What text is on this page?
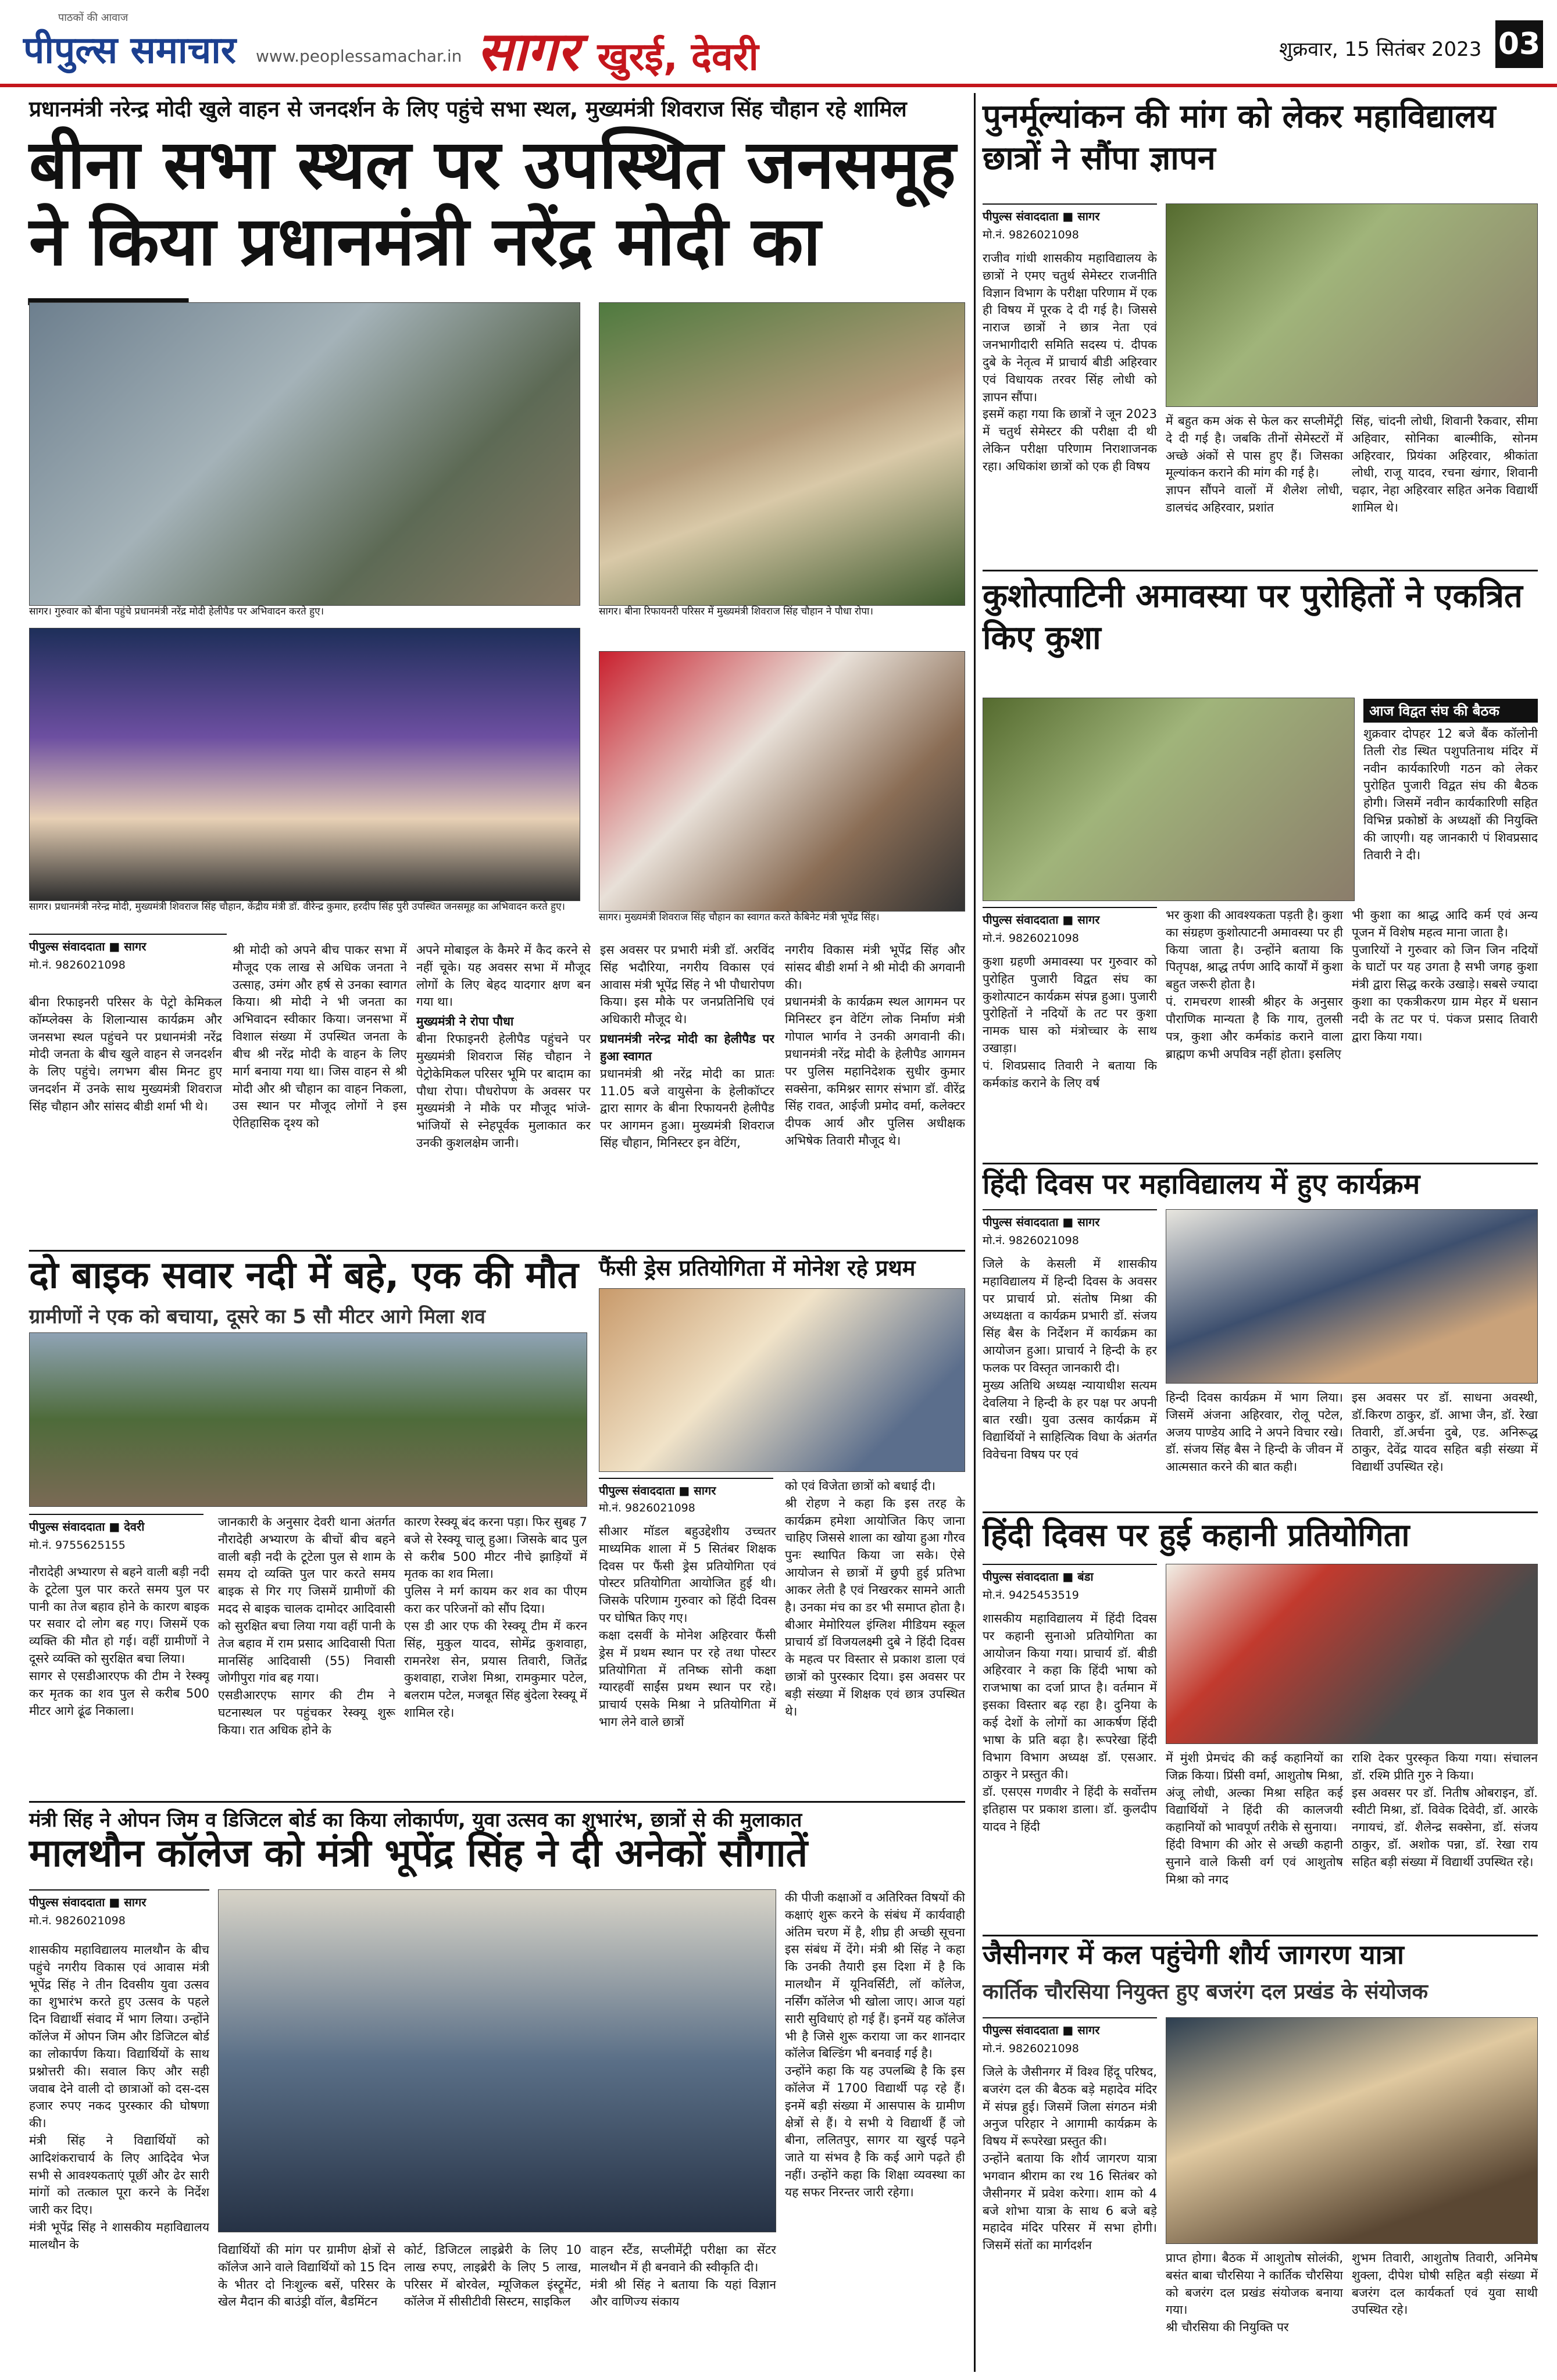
पाठकों की आवाज
पीपुल्स समाचार www.peoplessamachar.in सागर खुरई, देवरी	शुक्रवार, 15 सितंबर 2023 03
प्रधानमंत्री नरेन्द्र मोदी खुले वाहन से जनदर्शन के लिए पहुंचे सभा स्थल, मुख्यमंत्री शिवराज सिंह चौहान रहे शामिल
बीना सभा स्थल पर उपस्थित जनसमूह ने किया प्रधानमंत्री नरेंद्र मोदी का
सागर। गुरुवार को बीना पहुंचे प्रधानमंत्री नरेंद्र मोदी हेलीपैड पर अभिवादन करते हुए।	सागर। बीना रिफायनरी परिसर में मुख्यमंत्री शिवराज सिंह चौहान ने पौधा रोपा।
सागर। प्रधानमंत्री नरेन्द्र मोदी, मुख्यमंत्री शिवराज सिंह चौहान, केंद्रीय मंत्री डॉ. वीरेन्द्र कुमार, हरदीप सिंह पुरी उपस्थित जनसमूह का अभिवादन करते हुए।
सागर। मुख्यमंत्री शिवराज सिंह चौहान का स्वागत करते केबिनेट मंत्री भूपेंद्र सिंह।
पीपुल्स संवाददाता ■ सागर
मो.नं. 9826021098
बीना रिफाइनरी परिसर के पेट्रो केमिकल कॉम्प्लेक्स के शिलान्यास कार्यक्रम और जनसभा स्थल पहुंचने पर प्रधानमंत्री नरेंद्र मोदी जनता के बीच खुले वाहन से जनदर्शन के लिए पहुंचे। लगभग बीस मिनट हुए जनदर्शन में उनके साथ मुख्यमंत्री शिवराज सिंह चौहान और सांसद बीडी शर्मा भी थे।
श्री मोदी को अपने बीच पाकर सभा में मौजूद एक लाख से अधिक जनता ने उत्साह, उमंग और हर्ष से उनका स्वागत किया। श्री मोदी ने भी जनता का अभिवादन स्वीकार किया। जनसभा में विशाल संख्या में उपस्थित जनता के बीच श्री नरेंद्र मोदी के वाहन के लिए मार्ग बनाया गया था। जिस वाहन से श्री मोदी और श्री चौहान का वाहन निकला, उस स्थान पर मौजूद लोगों ने इस ऐतिहासिक दृश्य को
अपने मोबाइल के कैमरे में कैद करने से नहीं चूके। यह अवसर सभा में मौजूद लोगों के लिए बेहद यादगार क्षण बन गया था।
मुख्यमंत्री ने रोपा पौधा
बीना रिफाइनरी हेलीपैड पहुंचने पर मुख्यमंत्री शिवराज सिंह चौहान ने पेट्रोकेमिकल परिसर भूमि पर बादाम का पौधा रोपा। पौधरोपण के अवसर पर मुख्यमंत्री ने मौके पर मौजूद भांजे-भांजियों से स्नेहपूर्वक मुलाकात कर उनकी कुशलक्षेम जानी।
इस अवसर पर प्रभारी मंत्री डॉ. अरविंद सिंह भदौरिया, नगरीय विकास एवं आवास मंत्री भूपेंद्र सिंह ने भी पौधारोपण किया। इस मौके पर जनप्रतिनिधि एवं अधिकारी मौजूद थे।
प्रधानमंत्री नरेन्द्र मोदी का हेलीपैड पर हुआ स्वागत
प्रधानमंत्री श्री नरेंद्र मोदी का प्रातः 11.05 बजे वायुसेना के हेलीकॉप्टर द्वारा सागर के बीना रिफायनरी हेलीपैड पर आगमन हुआ। मुख्यमंत्री शिवराज सिंह चौहान, मिनिस्टर इन वेटिंग,
नगरीय विकास मंत्री भूपेंद्र सिंह और सांसद बीडी शर्मा ने श्री मोदी की अगवानी की।
प्रधानमंत्री के कार्यक्रम स्थल आगमन पर मिनिस्टर इन वेटिंग लोक निर्माण मंत्री गोपाल भार्गव ने उनकी अगवानी की। प्रधानमंत्री नरेंद्र मोदी के हेलीपैड आगमन पर पुलिस महानिदेशक सुधीर कुमार सक्सेना, कमिश्नर सागर संभाग डॉ. वीरेंद्र सिंह रावत, आईजी प्रमोद वर्मा, कलेक्टर दीपक आर्य और पुलिस अधीक्षक अभिषेक तिवारी मौजूद थे।
दो बाइक सवार नदी में बहे, एक की मौत
ग्रामीणों ने एक को बचाया, दूसरे का 5 सौ मीटर आगे मिला शव
पीपुल्स संवाददाता ■ देवरी
मो.नं. 9755625155
नौरादेही अभ्यारण से बहने वाली बड़ी नदी के टूटेला पुल पार करते समय पुल पर पानी का तेज बहाव होने के कारण बाइक पर सवार दो लोग बह गए। जिसमें एक व्यक्ति की मौत हो गई। वहीं ग्रामीणों ने दूसरे व्यक्ति को सुरक्षित बचा लिया।
सागर से एसडीआरएफ की टीम ने रेस्क्यू कर मृतक का शव पुल से करीब 500 मीटर आगे ढूंढ निकाला।
जानकारी के अनुसार देवरी थाना अंतर्गत नौरादेही अभ्यारण के बीचों बीच बहने वाली बड़ी नदी के टूटेला पुल से शाम के समय दो व्यक्ति पुल पार करते समय बाइक से गिर गए जिसमें ग्रामीणों की मदद से बाइक चालक दामोदर आदिवासी को सुरक्षित बचा लिया गया वहीं पानी के तेज बहाव में राम प्रसाद आदिवासी पिता मानसिंह आदिवासी (55) निवासी जोगीपुरा गांव बह गया।
एसडीआरएफ सागर की टीम ने घटनास्थल पर पहुंचकर रेस्क्यू शुरू किया। रात अधिक होने के
कारण रेस्क्यू बंद करना पड़ा। फिर सुबह 7 बजे से रेस्क्यू चालू हुआ। जिसके बाद पुल से करीब 500 मीटर नीचे झाड़ियों में मृतक का शव मिला।
पुलिस ने मर्ग कायम कर शव का पीएम करा कर परिजनों को सौंप दिया।
एस डी आर एफ की रेस्क्यू टीम में करन सिंह, मुकुल यादव, सोमेंद्र कुशवाहा, रामनरेश सेन, प्रयास तिवारी, जितेंद्र कुशवाहा, राजेश मिश्रा, रामकुमार पटेल, बलराम पटेल, मजबूत सिंह बुंदेला रेस्क्यू में शामिल रहे।
फैंसी ड्रेस प्रतियोगिता में मोनेश रहे प्रथम
पीपुल्स संवाददाता ■ सागर
मो.नं. 9826021098
सीआर मॉडल बहुउद्देशीय उच्चतर माध्यमिक शाला में 5 सितंबर शिक्षक दिवस पर फैंसी ड्रेस प्रतियोगिता एवं पोस्टर प्रतियोगिता आयोजित हुई थी। जिसके परिणाम गुरुवार को हिंदी दिवस पर घोषित किए गए।
कक्षा दसवीं के मोनेश अहिरवार फैंसी ड्रेस में प्रथम स्थान पर रहे तथा पोस्टर प्रतियोगिता में तनिष्क सोनी कक्षा ग्यारहवीं साईंस प्रथम स्थान पर रहे। प्राचार्य एसके मिश्रा ने प्रतियोगिता में भाग लेने वाले छात्रों
को एवं विजेता छात्रों को बधाई दी।
श्री रोहण ने कहा कि इस तरह के कार्यक्रम हमेशा आयोजित किए जाना चाहिए जिससे शाला का खोया हुआ गौरव पुनः स्थापित किया जा सके। ऐसे आयोजन से छात्रों में छुपी हुई प्रतिभा आकर लेती है एवं निखरकर सामने आती है। उनका मंच का डर भी समाप्त होता है। बीआर मेमोरियल इंग्लिश मीडियम स्कूल प्राचार्य डॉ विजयलक्ष्मी दुबे ने हिंदी दिवस के महत्व पर विस्तार से प्रकाश डाला एवं छात्रों को पुरस्कार दिया। इस अवसर पर बड़ी संख्या में शिक्षक एवं छात्र उपस्थित थे।
मंत्री सिंह ने ओपन जिम व डिजिटल बोर्ड का किया लोकार्पण, युवा उत्सव का शुभारंभ, छात्रों से की मुलाकात
मालथौन कॉलेज को मंत्री भूपेंद्र सिंह ने दी अनेकों सौगातें
पीपुल्स संवाददाता ■ सागर
मो.नं. 9826021098
शासकीय महाविद्यालय मालथौन के बीच पहुंचे नगरीय विकास एवं आवास मंत्री भूपेंद्र सिंह ने तीन दिवसीय युवा उत्सव का शुभारंभ करते हुए उत्सव के पहले दिन विद्यार्थी संवाद में भाग लिया। उन्होंने कॉलेज में ओपन जिम और डिजिटल बोर्ड का लोकार्पण किया। विद्यार्थियों के साथ प्रश्नोत्तरी की। सवाल किए और सही जवाब देने वाली दो छात्राओं को दस-दस हजार रुपए नकद पुरस्कार की घोषणा की।
मंत्री सिंह ने विद्यार्थियों को आदिशंकराचार्य के लिए आदिदेव भेज सभी से आवश्यकताएं पूछीं और ढेर सारी मांगों को तत्काल पूरा करने के निर्देश जारी कर दिए।
मंत्री भूपेंद्र सिंह ने शासकीय महाविद्यालय मालथौन के	विद्यार्थियों की मांग पर ग्रामीण क्षेत्रों से कॉलेज आने वाले विद्यार्थियों को 15 दिन के भीतर दो निःशुल्क बसें, परिसर के खेल मैदान की बाउंड्री वॉल, बैडमिंटन
कोर्ट, डिजिटल लाइब्रेरी के लिए 10 लाख रुपए, लाइब्रेरी के लिए 5 लाख, परिसर में बोरवेल, म्यूजिकल इंस्ट्रूमेंट, कॉलेज में सीसीटीवी सिस्टम, साइकिल
वाहन स्टैंड, सप्लीमेंट्री परीक्षा का सेंटर मालथौन में ही बनवाने की स्वीकृति दी।
मंत्री श्री सिंह ने बताया कि यहां विज्ञान और वाणिज्य संकाय
की पीजी कक्षाओं व अतिरिक्त विषयों की कक्षाएं शुरू करने के संबंध में कार्यवाही अंतिम चरण में है, शीघ्र ही अच्छी सूचना इस संबंध में देंगे। मंत्री श्री सिंह ने कहा कि उनकी तैयारी इस दिशा में है कि मालथौन में यूनिवर्सिटी, लॉ कॉलेज, नर्सिंग कॉलेज भी खोला जाए। आज यहां सारी सुविधाएं हो गई हैं। इनमें यह कॉलेज भी है जिसे शुरू कराया जा कर शानदार कॉलेज बिल्डिंग भी बनवाई गई है।
उन्होंने कहा कि यह उपलब्धि है कि इस कॉलेज में 1700 विद्यार्थी पढ़ रहे हैं। इनमें बड़ी संख्या में आसपास के ग्रामीण क्षेत्रों से हैं। ये सभी ये विद्यार्थी हैं जो बीना, ललितपुर, सागर या खुरई पढ़ने जाते या संभव है कि कई आगे पढ़ते ही नहीं। उन्होंने कहा कि शिक्षा व्यवस्था का यह सफर निरन्तर जारी रहेगा।
पुनर्मूल्यांकन की मांग को लेकर महाविद्यालय छात्रों ने सौंपा ज्ञापन
पीपुल्स संवाददाता ■ सागर
मो.नं. 9826021098
राजीव गांधी शासकीय महाविद्यालय के छात्रों ने एमए चतुर्थ सेमेस्टर राजनीति विज्ञान विभाग के परीक्षा परिणाम में एक ही विषय में पूरक दे दी गई है। जिससे नाराज छात्रों ने छात्र नेता एवं जनभागीदारी समिति सदस्य पं. दीपक दुबे के नेतृत्व में प्राचार्य बीडी अहिरवार एवं विधायक तरवर सिंह लोधी को ज्ञापन सौंपा।
इसमें कहा गया कि छात्रों ने जून 2023 में चतुर्थ सेमेस्टर की परीक्षा दी थी लेकिन परीक्षा परिणाम निराशाजनक रहा। अधिकांश छात्रों को एक ही विषय
में बहुत कम अंक से फेल कर सप्लीमेंट्री दे दी गई है। जबकि तीनों सेमेस्टरों में अच्छे अंकों से पास हुए हैं। जिसका मूल्यांकन कराने की मांग की गई है।
ज्ञापन सौंपने वालों में शैलेश लोधी, डालचंद अहिरवार, प्रशांत
सिंह, चांदनी लोधी, शिवानी रैकवार, सीमा अहिवार, सोनिका बाल्मीकि, सोनम अहिरवार, प्रियंका अहिरवार, श्रीकांता लोधी, राजू यादव, रचना खंगार, शिवानी चढ़ार, नेहा अहिरवार सहित अनेक विद्यार्थी शामिल थे।
कुशोत्पाटिनी अमावस्या पर पुरोहितों ने एकत्रित किए कुशा
आज विद्वत संघ की बैठक
शुक्रवार दोपहर 12 बजे बैंक कॉलोनी तिली रोड स्थित पशुपतिनाथ मंदिर में नवीन कार्यकारिणी गठन को लेकर पुरोहित पुजारी विद्वत संघ की बैठक होगी। जिसमें नवीन कार्यकारिणी सहित विभिन्न प्रकोष्ठों के अध्यक्षों की नियुक्ति की जाएगी। यह जानकारी पं शिवप्रसाद तिवारी ने दी।
पीपुल्स संवाददाता ■ सागर
मो.नं. 9826021098
कुशा ग्रहणी अमावस्या पर गुरुवार को पुरोहित पुजारी विद्वत संघ का कुशोत्पाटन कार्यक्रम संपन्न हुआ। पुजारी पुरोहितों ने नदियों के तट पर कुशा नामक घास को मंत्रोच्चार के साथ उखाड़ा।
पं. शिवप्रसाद तिवारी ने बताया कि कर्मकांड कराने के लिए वर्ष
भर कुशा की आवश्यकता पड़ती है। कुशा का संग्रहण कुशोत्पाटनी अमावस्या पर ही किया जाता है। उन्होंने बताया कि पितृपक्ष, श्राद्ध तर्पण आदि कार्यों में कुशा बहुत जरूरी होता है।
पं. रामचरण शास्त्री श्रीहर के अनुसार पौराणिक मान्यता है कि गाय, तुलसी पत्र, कुशा और कर्मकांड कराने वाला ब्राह्मण कभी अपवित्र नहीं होता। इसलिए
भी कुशा का श्राद्ध आदि कर्म एवं अन्य पूजन में विशेष महत्व माना जाता है।
पुजारियों ने गुरुवार को जिन जिन नदियों के घाटों पर यह उगता है सभी जगह कुशा मंत्री द्वारा सिद्ध करके उखाड़े। सबसे ज्यादा कुशा का एकत्रीकरण ग्राम मेहर में धसान नदी के तट पर पं. पंकज प्रसाद तिवारी द्वारा किया गया।
हिंदी दिवस पर महाविद्यालय में हुए कार्यक्रम
पीपुल्स संवाददाता ■ सागर
मो.नं. 9826021098
जिले के केसली में शासकीय महाविद्यालय में हिन्दी दिवस के अवसर पर प्राचार्य प्रो. संतोष मिश्रा की अध्यक्षता व कार्यक्रम प्रभारी डॉ. संजय सिंह बैस के निर्देशन में कार्यक्रम का आयोजन हुआ। प्राचार्य ने हिन्दी के हर फलक पर विस्तृत जानकारी दी।
मुख्य अतिथि अध्यक्ष न्यायाधीश सत्यम देवलिया ने हिन्दी के हर पक्ष पर अपनी बात रखी। युवा उत्सव कार्यक्रम में विद्यार्थियों ने साहित्यिक विधा के अंतर्गत विवेचना विषय पर एवं
हिन्दी दिवस कार्यक्रम में भाग लिया। जिसमें अंजना अहिरवार, रोलू पटेल, अजय पाण्डेय आदि ने अपने विचार रखे। डॉ. संजय सिंह बैस ने हिन्दी के जीवन में आत्मसात करने की बात कही।
इस अवसर पर डॉ. साधना अवस्थी, डॉ.किरण ठाकुर, डॉ. आभा जैन, डॉ. रेखा तिवारी, डॉ.अर्चना दुबे, एड. अनिरूद्ध ठाकुर, देवेंद्र यादव सहित बड़ी संख्या में विद्यार्थी उपस्थित रहे।
हिंदी दिवस पर हुई कहानी प्रतियोगिता
पीपुल्स संवाददाता ■ बंडा
मो.नं. 9425453519
शासकीय महाविद्यालय में हिंदी दिवस पर कहानी सुनाओ प्रतियोगिता का आयोजन किया गया। प्राचार्य डॉ. बीडी अहिरवार ने कहा कि हिंदी भाषा को राजभाषा का दर्जा प्राप्त है। वर्तमान में इसका विस्तार बढ़ रहा है। दुनिया के कई देशों के लोगों का आकर्षण हिंदी भाषा के प्रति बढ़ा है। रूपरेखा हिंदी विभाग विभाग अध्यक्ष डॉ. एसआर. ठाकुर ने प्रस्तुत की।
डॉ. एसएस गणवीर ने हिंदी के सर्वोत्तम इतिहास पर प्रकाश डाला। डॉ. कुलदीप यादव ने हिंदी
में मुंशी प्रेमचंद की कई कहानियों का जिक्र किया। प्रिंसी वर्मा, आशुतोष मिश्रा, अंजू लोधी, अल्का मिश्रा सहित कई विद्यार्थियों ने हिंदी की कालजयी कहानियों को भावपूर्ण तरीके से सुनाया।
हिंदी विभाग की ओर से अच्छी कहानी सुनाने वाले किसी वर्ग एवं आशुतोष मिश्रा को नगद
राशि देकर पुरस्कृत किया गया। संचालन डॉ. रश्मि प्रीति गुरु ने किया।
इस अवसर पर डॉ. नितीष ओबराइन, डॉ. स्वीटी मिश्रा, डॉ. विवेक दिवेदी, डॉ. आरके नगायचं, डॉ. शैलेन्द्र सक्सेना, डॉ. संजय ठाकुर, डॉ. अशोक पन्ना, डॉ. रेखा राय सहित बड़ी संख्या में विद्यार्थी उपस्थित रहे।
जैसीनगर में कल पहुंचेगी शौर्य जागरण यात्रा
कार्तिक चौरसिया नियुक्त हुए बजरंग दल प्रखंड के संयोजक
पीपुल्स संवाददाता ■ सागर
मो.नं. 9826021098
जिले के जैसीनगर में विश्व हिंदू परिषद, बजरंग दल की बैठक बड़े महादेव मंदिर में संपन्न हुई। जिसमें जिला संगठन मंत्री अनुज परिहार ने आगामी कार्यक्रम के विषय में रूपरेखा प्रस्तुत की।
उन्होंने बताया कि शौर्य जागरण यात्रा भगवान श्रीराम का रथ 16 सितंबर को जैसीनगर में प्रवेश करेगा। शाम को 4 बजे शोभा यात्रा के साथ 6 बजे बड़े महादेव मंदिर परिसर में सभा होगी। जिसमें संतों का मार्गदर्शन
प्राप्त होगा। बैठक में आशुतोष सोलंकी, बसंत बाबा चौरसिया ने कार्तिक चौरसिया को बजरंग दल प्रखंड संयोजक बनाया गया।
श्री चौरसिया की नियुक्ति पर
शुभम तिवारी, आशुतोष तिवारी, अनिमेष शुक्ला, दीपेश घोषी सहित बड़ी संख्या में बजरंग दल कार्यकर्ता एवं युवा साथी उपस्थित रहे।
